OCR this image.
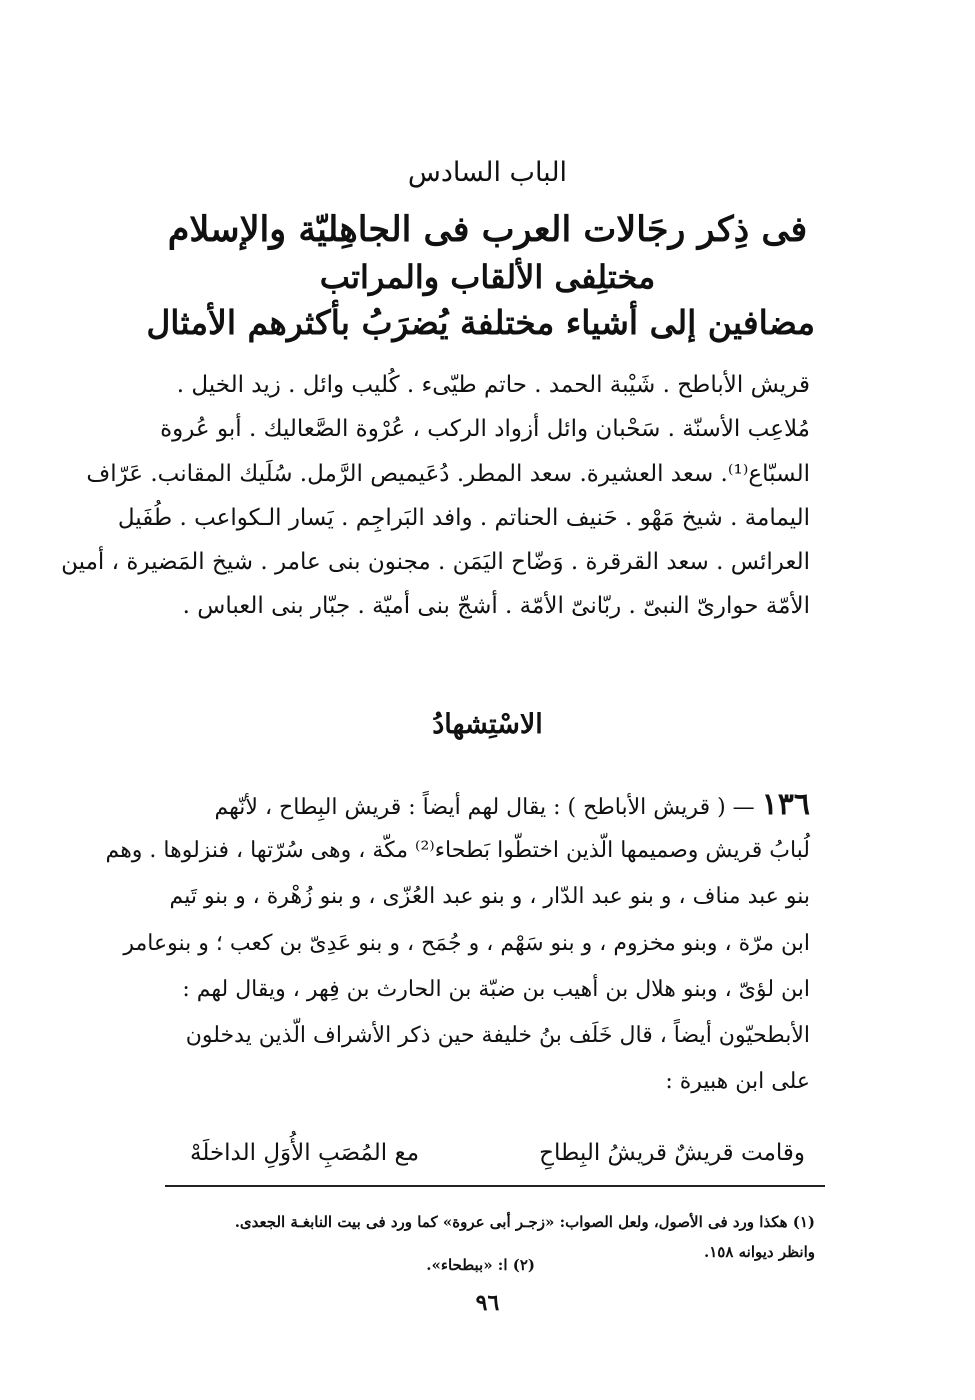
الباب السادس
فى ذِكر رجَالات العرب فى الجاهِليّة والإسلام
مختلِفى الألقاب والمراتب
مضافين إلى أشياء مختلفة يُضرَبُ بأكثرهم الأمثال
قريش الأباطح . شَيْبة الحمد . حاتم طيّىء . كُليب وائل . زيد الخيل .
مُلاعِب الأسنّة . سَحْبان وائل أزواد الركب ، عُرْوة الصَّعاليك . أبو عُروة
السبّاع⁽¹⁾. سعد العشيرة. سعد المطر. دُعَيميص الرَّمل. سُلَيك المقانب. عَرّاف
اليمامة . شيخ مَهْو . حَنيف الحناتم . وافد البَراجِم . يَسار الـكواعب . طُفَيل
العرائس . سعد القرقرة . وَضّاح اليَمَن . مجنون بنى عامر . شيخ المَضيرة ، أمين
الأمّة حوارىّ النبىّ . ربّانىّ الأمّة . أشجّ بنى أميّة . جبّار بنى العباس .
الاسْتِشهادُ
١٣٦ — ( قريش الأباطح ) : يقال لهم أيضاً : قريش البِطاح ، لأنّهم
لُبابُ قريش وصميمها الّذين اختطّوا بَطحاء⁽²⁾ مكّة ، وهى سُرّتها ، فنزلوها . وهم
بنو عبد مناف ، و بنو عبد الدّار ، و بنو عبد العُزّى ، و بنو زُهْرة ، و بنو تَيم
ابن مرّة ، وبنو مخزوم ، و بنو سَهْم ، و جُمَح ، و بنو عَدِىّ بن كعب ؛ و بنوعامر
ابن لؤىّ ، وبنو هلال بن أهيب بن ضبّة بن الحارث بن فِهر ، ويقال لهم :
الأبطحيّون أيضاً ، قال خَلَف بنُ خليفة حين ذكر الأشراف الّذين يدخلون
على ابن هبيرة :
وقامت قريشٌ قريشُ البِطاحِ
مع المُصَبِ الأُوَلِ الداخلَهْ
(١) هكذا ورد فى الأصول، ولعل الصواب: «زجـر أبى عروة» كما ورد فى بيت النابغـة الجعدى.
وانظر ديوانه ١٥٨.
(٢) ا: «ببطحاء».
٩٦
